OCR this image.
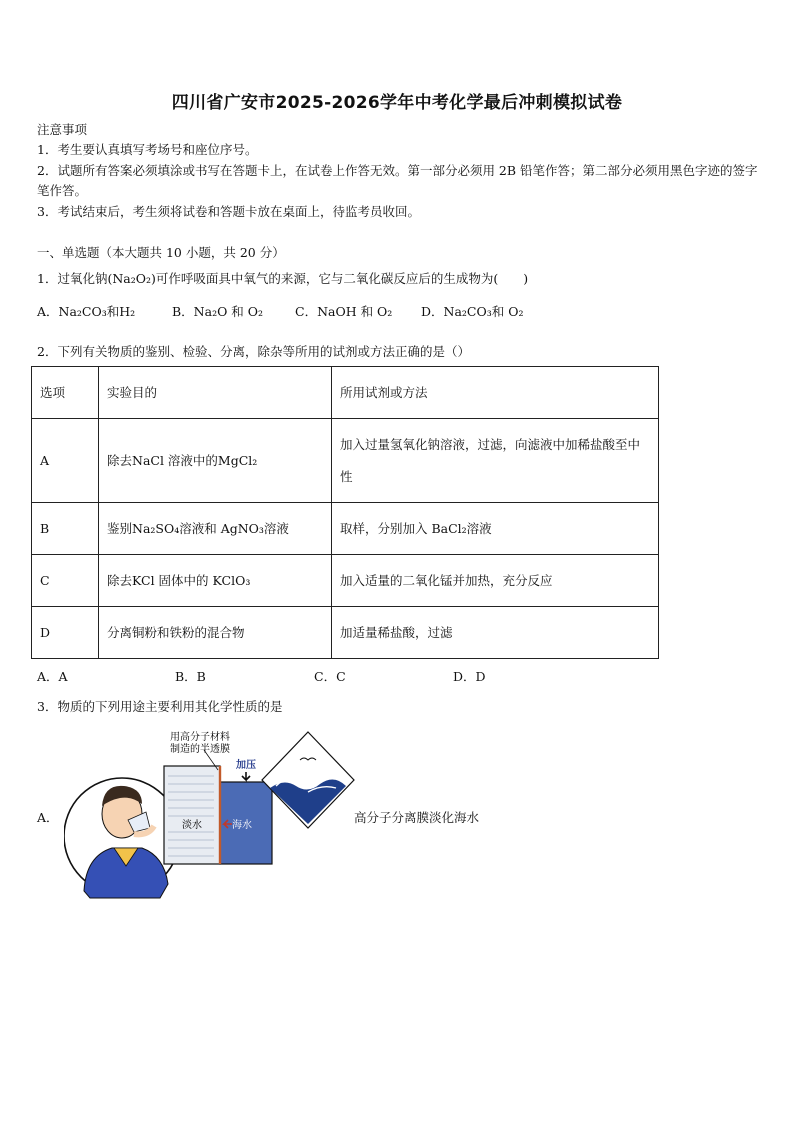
四川省广安市2025-2026学年中考化学最后冲刺模拟试卷
注意事项
1．考生要认真填写考场号和座位序号。
2．试题所有答案必须填涂或书写在答题卡上，在试卷上作答无效。第一部分必须用 2B 铅笔作答；第二部分必须用黑色字迹的签字笔作答。
3．考试结束后，考生须将试卷和答题卡放在桌面上，待监考员收回。
一、单选题（本大题共 10 小题，共 20 分）
1．过氧化钠(Na₂O₂)可作呼吸面具中氧气的来源，它与二氧化碳反应后的生成物为(　　)
A．Na₂CO₃和H₂	B．Na₂O 和 O₂	C．NaOH 和 O₂ D．Na₂CO₃和 O₂
2．下列有关物质的鉴别、检验、分离，除杂等所用的试剂或方法正确的是（）
选项	实验目的	所用试剂或方法
A	除去NaCl 溶液中的MgCl₂	加入过量氢氧化钠溶液，过滤，向滤液中加稀盐酸至中性
B	鉴别Na₂SO₄溶液和 AgNO₃溶液	取样，分别加入 BaCl₂溶液
C	除去KCl 固体中的 KClO₃	加入适量的二氧化锰并加热，充分反应
D	分离铜粉和铁粉的混合物	加适量稀盐酸，过滤
A．A	B．B	C．C	D．D
3．物质的下列用途主要利用其化学性质的是
A．
用高分子材料
制造的半透膜
加压
淡水	海水
高分子分离膜淡化海水
